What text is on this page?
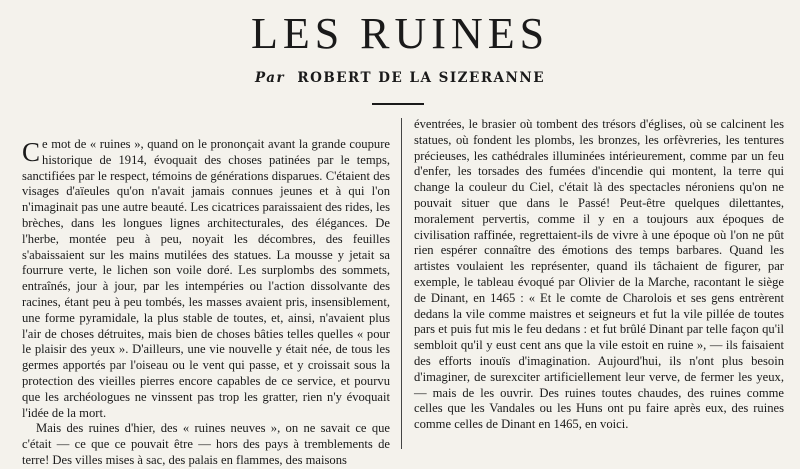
LES RUINES
Par ROBERT DE LA SIZERANNE

Ce mot de « ruines », quand on le prononçait avant la grande coupure historique de 1914, évoquait des choses patinées par le temps, sanctifiées par le respect, témoins de générations disparues. C'étaient des visages d'aïeules qu'on n'avait jamais connues jeunes et à qui l'on n'imaginait pas une autre beauté. Les cicatrices paraissaient des rides, les brèches, dans les longues lignes architecturales, des élégances. De l'herbe, montée peu à peu, noyait les décombres, des feuilles s'abaissaient sur les mains mutilées des statues. La mousse y jetait sa fourrure verte, le lichen son voile doré. Les surplombs des sommets, entraînés, jour à jour, par les intempéries ou l'action dissolvante des racines, étant peu à peu tombés, les masses avaient pris, insensiblement, une forme pyramidale, la plus stable de toutes, et, ainsi, n'avaient plus l'air de choses détruites, mais bien de choses bâties telles quelles « pour le plaisir des yeux ». D'ailleurs, une vie nouvelle y était née, de tous les germes apportés par l'oiseau ou le vent qui passe, et y croissait sous la protection des vieilles pierres encore capables de ce service, et pourvu que les archéologues ne vinssent pas trop les gratter, rien n'y évoquait l'idée de la mort.

Mais des ruines d'hier, des « ruines neuves », on ne savait ce que c'était — ce que ce pouvait être — hors des pays à tremblements de terre! Des villes mises à sac, des palais en flammes, des maisons

éventrées, le brasier où tombent des trésors d'églises, où se calcinent les statues, où fondent les plombs, les bronzes, les orfèvreries, les tentures précieuses, les cathédrales illuminées intérieurement, comme par un feu d'enfer, les torsades des fumées d'incendie qui montent, la terre qui change la couleur du Ciel, c'était là des spectacles néroniens qu'on ne pouvait situer que dans le Passé! Peut-être quelques dilettantes, moralement pervertis, comme il y en a toujours aux époques de civilisation raffinée, regrettaient-ils de vivre à une époque où l'on ne pût rien espérer connaître des émotions des temps barbares. Quand les artistes voulaient les représenter, quand ils tâchaient de figurer, par exemple, le tableau évoqué par Olivier de la Marche, racontant le siège de Dinant, en 1465 : « Et le comte de Charolois et ses gens entrèrent dedans la vile comme maistres et seigneurs et fut la vile pillée de toutes pars et puis fut mis le feu dedans : et fut brûlé Dinant par telle façon qu'il sembloit qu'il y eust cent ans que la vile estoit en ruine », — ils faisaient des efforts inouïs d'imagination. Aujourd'hui, ils n'ont plus besoin d'imaginer, de surexciter artificiellement leur verve, de fermer les yeux, — mais de les ouvrir. Des ruines toutes chaudes, des ruines comme celles que les Vandales ou les Huns ont pu faire après eux, des ruines comme celles de Dinant en 1465, en voici.
